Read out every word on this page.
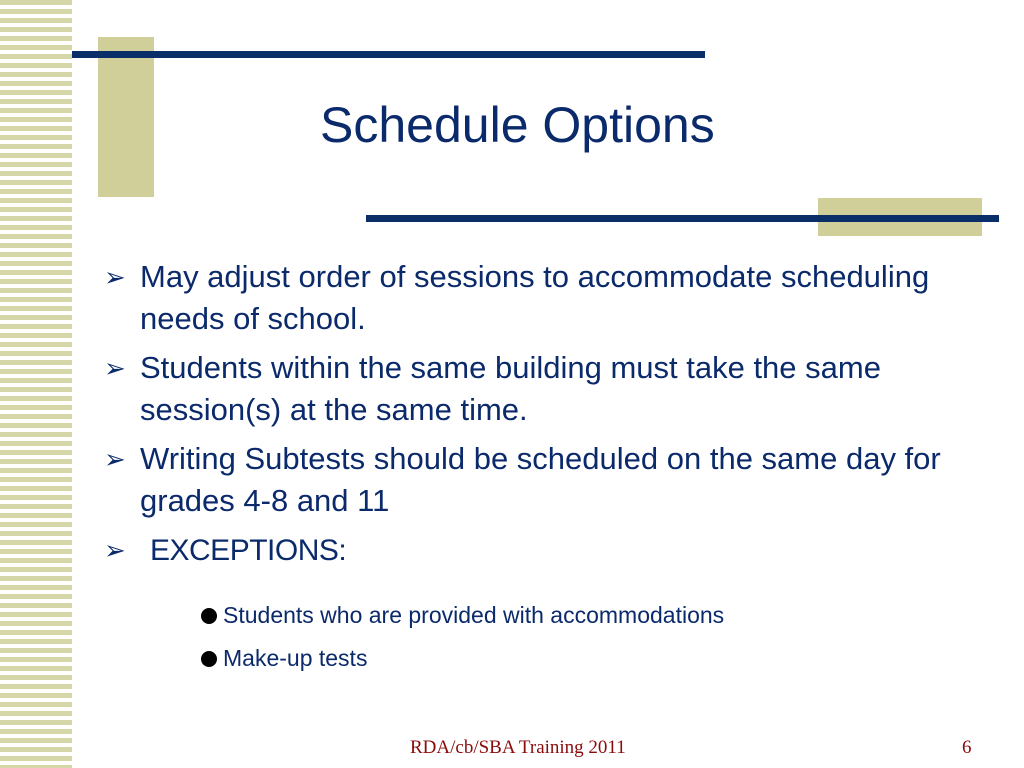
Schedule Options
➢ May adjust order of sessions to accommodate scheduling needs of school.
➢ Students within the same building must take the same session(s) at the same time.
➢ Writing Subtests should be scheduled on the same day for grades 4-8 and 11
➢ EXCEPTIONS:
Students who are provided with accommodations
Make-up tests
RDA/cb/SBA Training 2011	6
